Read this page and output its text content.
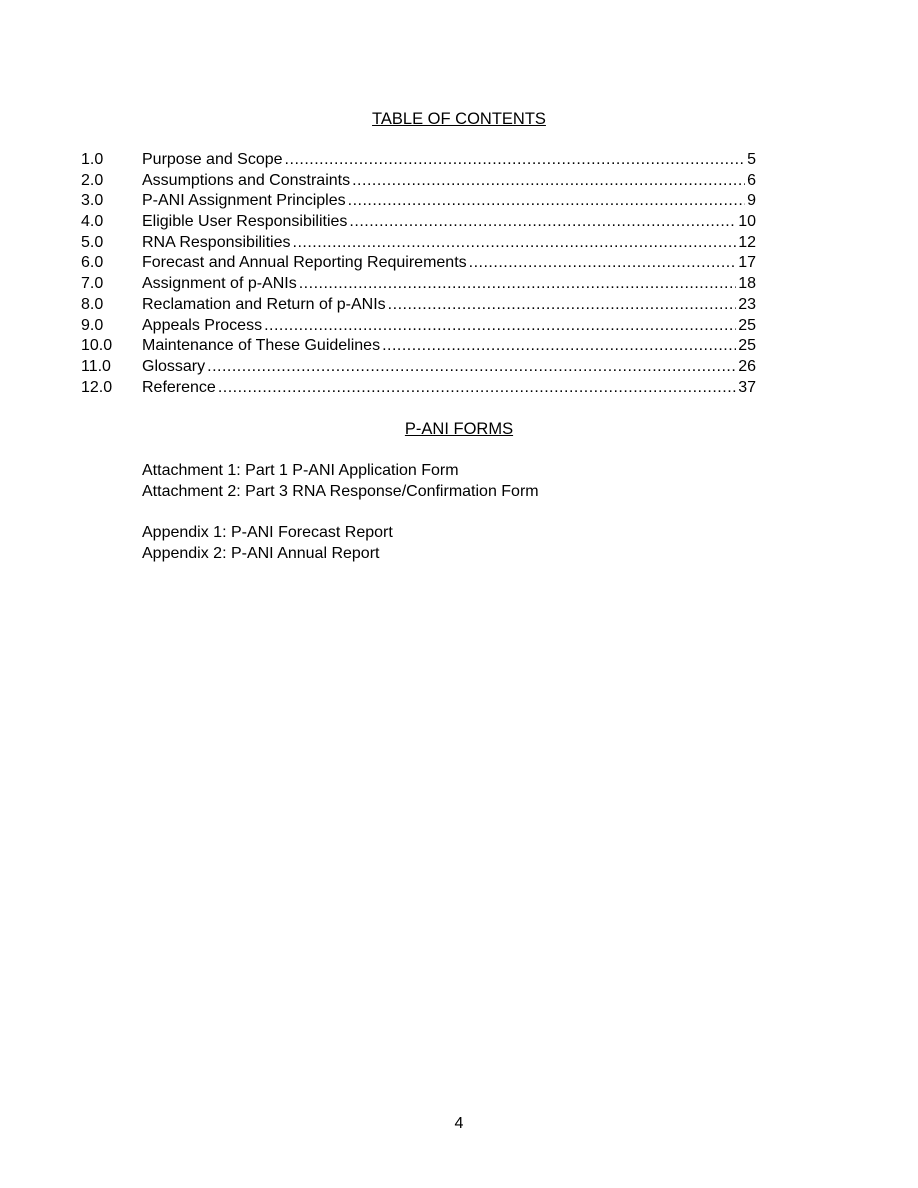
TABLE OF CONTENTS
1.0	Purpose and Scope .....	5
2.0	Assumptions and Constraints .....	6
3.0	P-ANI Assignment Principles .....	9
4.0	Eligible User Responsibilities .....	10
5.0	RNA Responsibilities .....	12
6.0	Forecast and Annual Reporting Requirements .....	17
7.0	Assignment of p-ANIs .....	18
8.0	Reclamation and Return of p-ANIs .....	23
9.0	Appeals Process .....	25
10.0	Maintenance of These Guidelines .....	25
11.0	Glossary .....	26
12.0	Reference .....	37
P-ANI FORMS
Attachment 1: Part 1 P-ANI Application Form
Attachment 2: Part 3 RNA Response/Confirmation Form
Appendix 1: P-ANI Forecast Report
Appendix 2: P-ANI Annual Report
4
